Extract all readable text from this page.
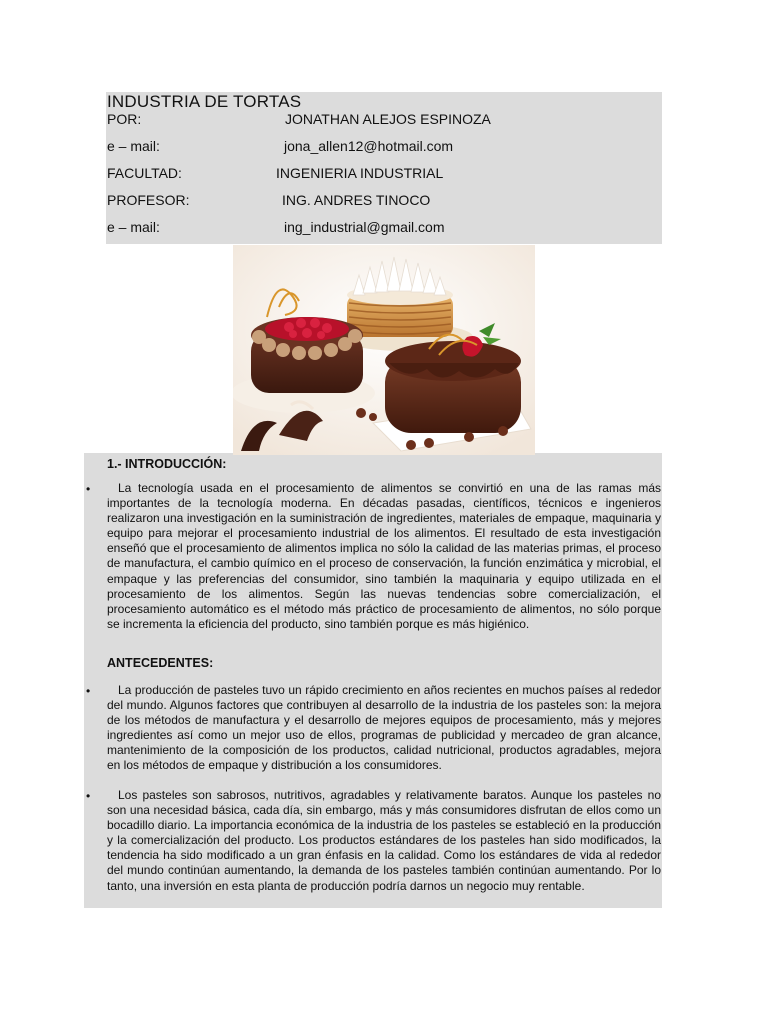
INDUSTRIA DE TORTAS
POR:	JONATHAN ALEJOS ESPINOZA
e – mail:	jona_allen12@hotmail.com
FACULTAD:	INGENIERIA INDUSTRIAL
PROFESOR:	ING. ANDRES TINOCO
e – mail:	ing_industrial@gmail.com
1.- INTRODUCCIÓN:
•	La tecnología usada en el procesamiento de alimentos se convirtió en una de las ramas más importantes de la tecnología moderna. En décadas pasadas, científicos, técnicos e ingenieros realizaron una investigación en la suministración de ingredientes, materiales de empaque, maquinaria y equipo para mejorar el procesamiento industrial de los alimentos. El resultado de esta investigación enseñó que el procesamiento de alimentos implica no sólo la calidad de las materias primas, el proceso de manufactura, el cambio químico en el proceso de conservación, la función enzimática y microbial, el empaque y las preferencias del consumidor, sino también la maquinaria y equipo utilizada en el procesamiento de los alimentos. Según las nuevas tendencias sobre comercialización, el procesamiento automático es el método más práctico de procesamiento de alimentos, no sólo porque se incrementa la eficiencia del producto, sino también porque es más higiénico.
ANTECEDENTES:
•	La producción de pasteles tuvo un rápido crecimiento en años recientes en muchos países al rededor del mundo. Algunos factores que contribuyen al desarrollo de la industria de los pasteles son: la mejora de los métodos de manufactura y el desarrollo de mejores equipos de procesamiento, más y mejores ingredientes así como un mejor uso de ellos, programas de publicidad y mercadeo de gran alcance, mantenimiento de la composición de los productos, calidad nutricional, productos agradables, mejora en los métodos de empaque y distribución a los consumidores.
•	Los pasteles son sabrosos, nutritivos, agradables y relativamente baratos. Aunque los pasteles no son una necesidad básica, cada día, sin embargo, más y más consumidores disfrutan de ellos como un bocadillo diario. La importancia económica de la industria de los pasteles se estableció en la producción y la comercialización del producto. Los productos estándares de los pasteles han sido modificados, la tendencia ha sido modificado a un gran énfasis en la calidad. Como los estándares de vida al rededor del mundo continúan aumentando, la demanda de los pasteles también continúan aumentando. Por lo tanto, una inversión en esta planta de producción podría darnos un negocio muy rentable.
